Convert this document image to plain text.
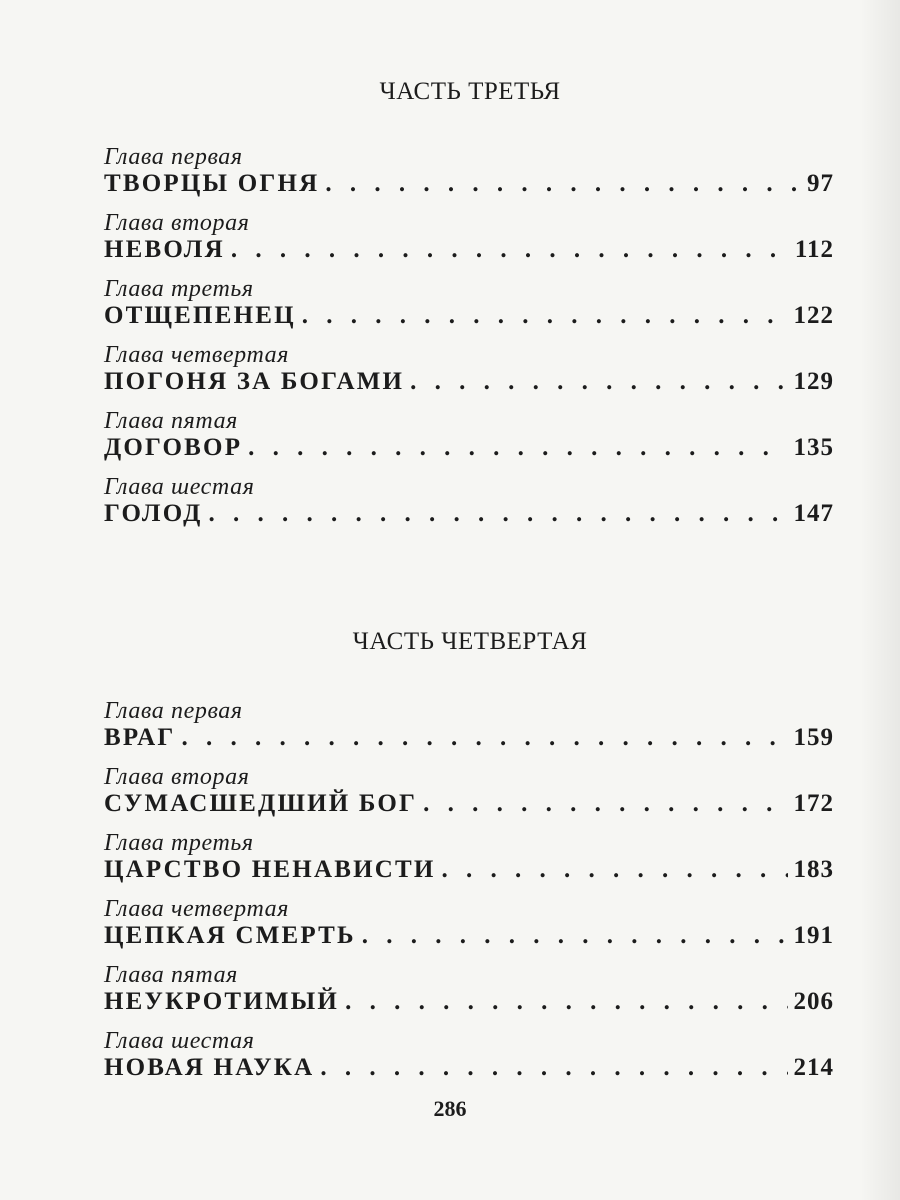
ЧАСТЬ ТРЕТЬЯ
Глава первая
ТВОРЦЫ ОГНЯ . . .	97
Глава вторая
НЕВОЛЯ . . .	112
Глава третья
ОТЩЕПЕНЕЦ . . .	122
Глава четвертая
ПОГОНЯ ЗА БОГАМИ . . .	129
Глава пятая
ДОГОВОР . . .	135
Глава шестая
ГОЛОД . . .	147
ЧАСТЬ ЧЕТВЕРТАЯ
Глава первая
ВРАГ . . .	159
Глава вторая
СУМАСШЕДШИЙ БОГ . . .	172
Глава третья
ЦАРСТВО НЕНАВИСТИ . . .	183
Глава четвертая
ЦЕПКАЯ СМЕРТЬ . . .	191
Глава пятая
НЕУКРОТИМЫЙ . . .	206
Глава шестая
НОВАЯ НАУКА . . .	214
286
